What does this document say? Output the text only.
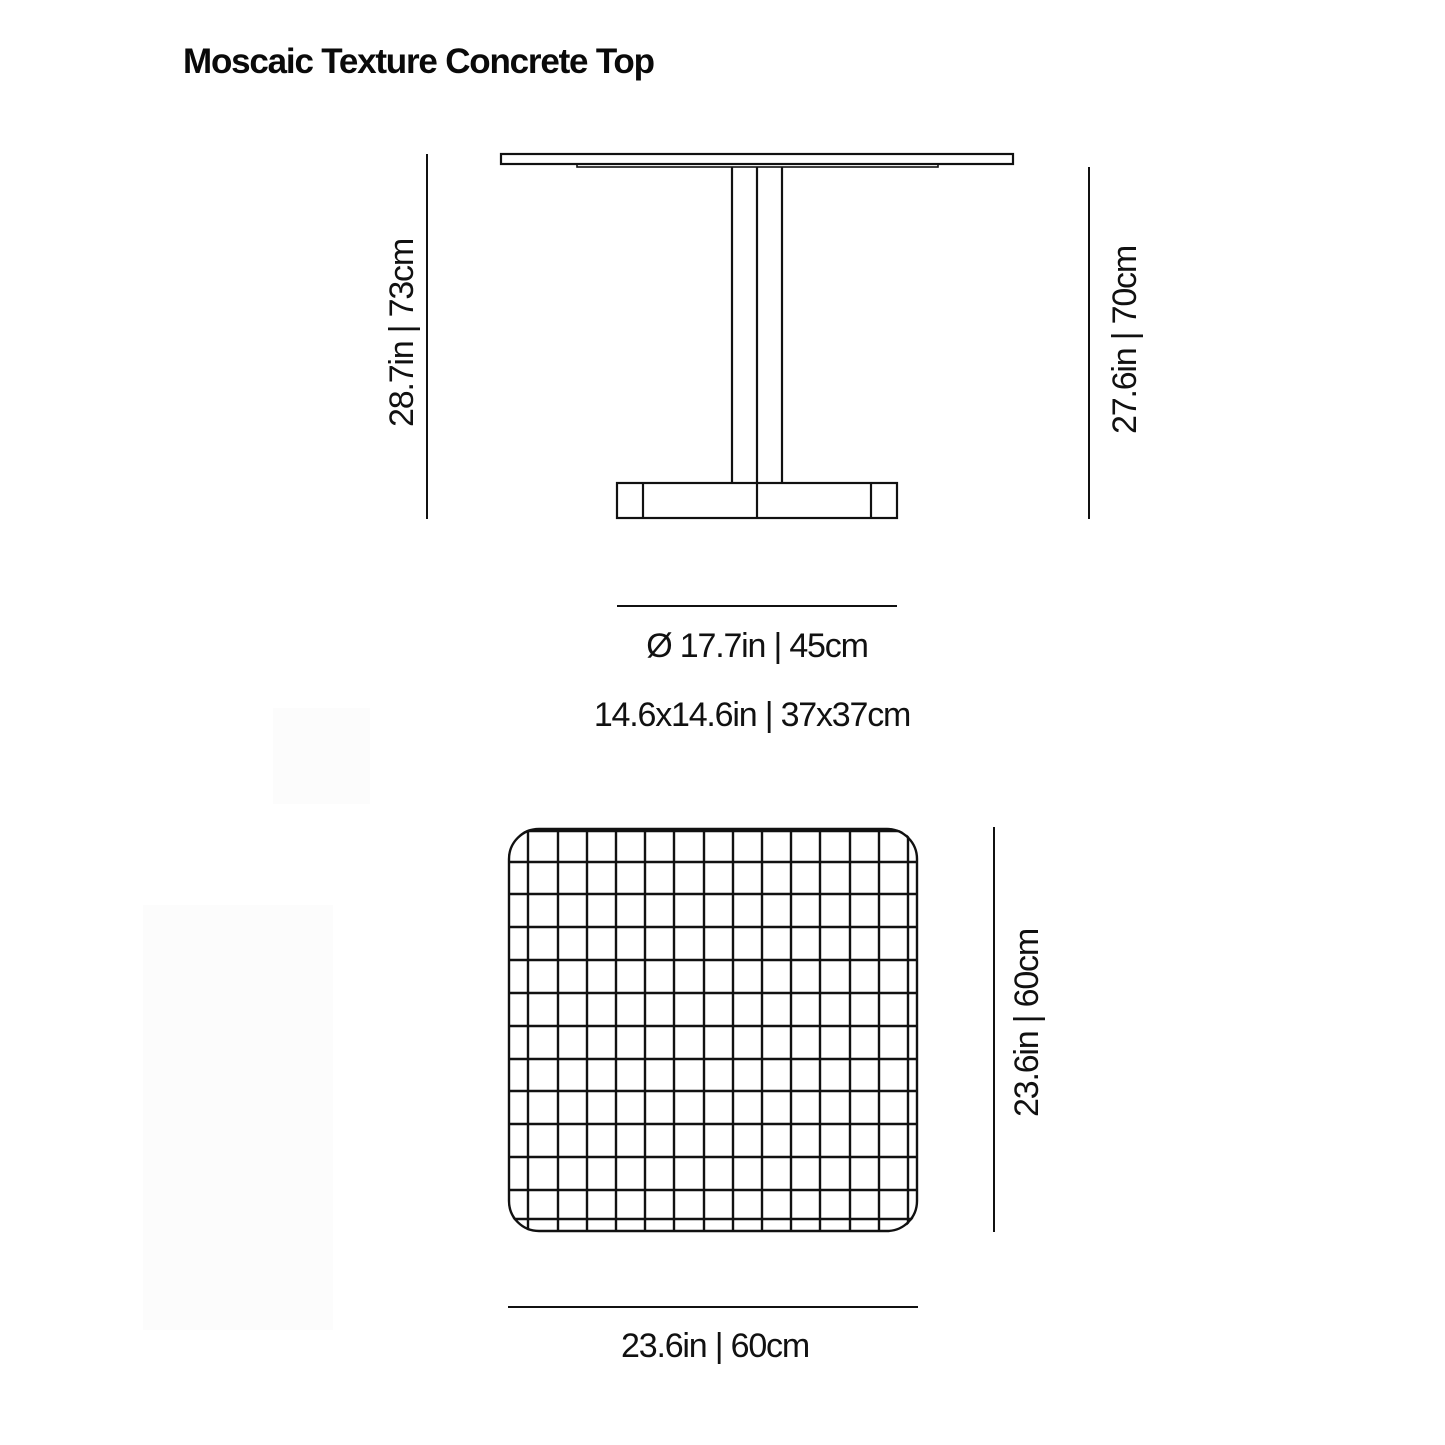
Moscaic Texture Concrete Top
28.7in | 73cm	27.6in | 70cm
Ø 17.7in | 45cm
14.6x14.6in | 37x37cm
23.6in | 60cm
23.6in | 60cm
